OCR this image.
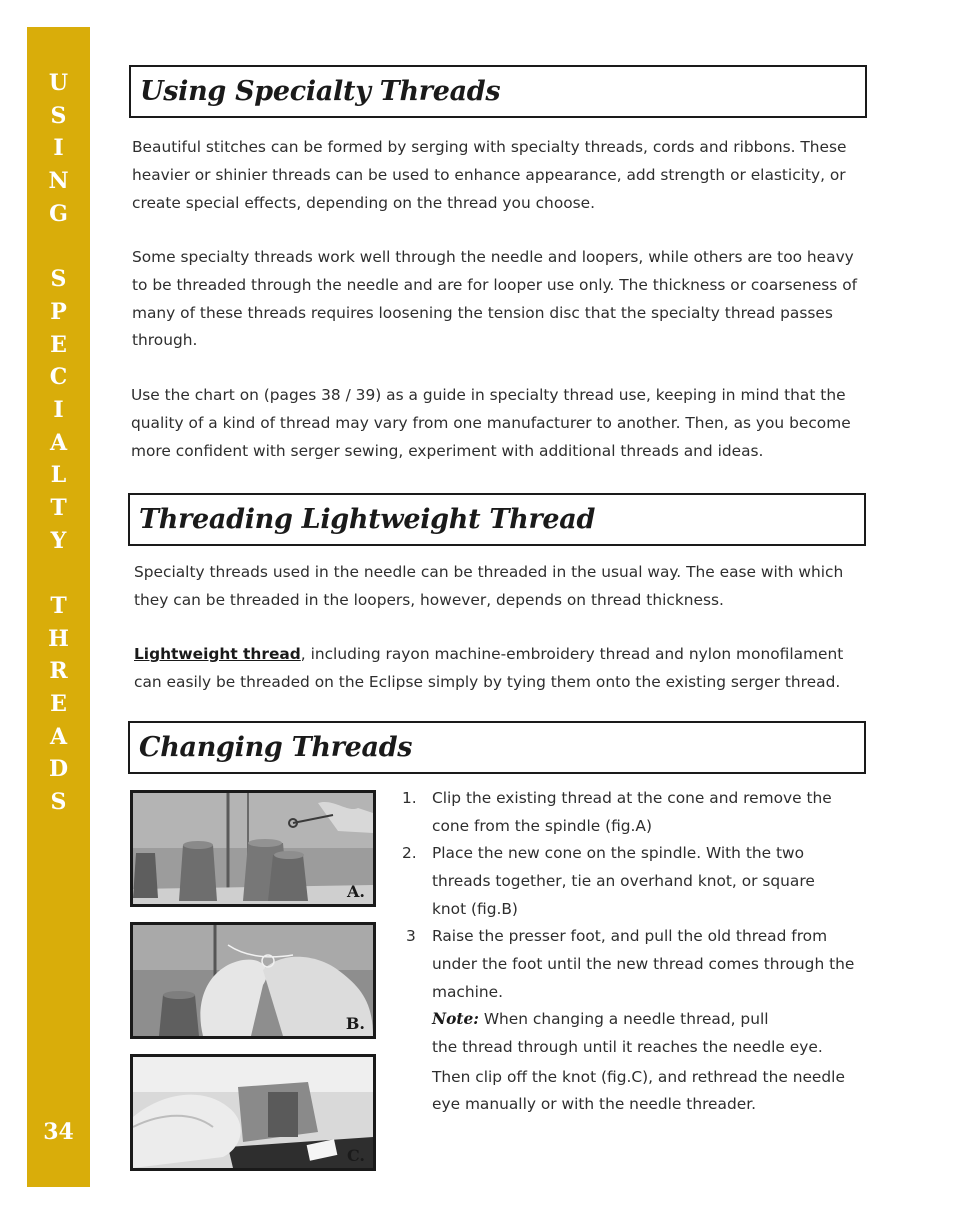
U
S
I
N
G

S
P
E
C
I
A
L
T
Y

T
H
R
E
A
D
S
34
Using Specialty Threads

Beautiful stitches can be formed by serging with specialty threads, cords and ribbons. These heavier or shinier threads can be used to enhance appearance, add strength or elasticity, or create special effects, depending on the thread you choose.

Some specialty threads work well through the needle and loopers, while others are too heavy to be threaded through the needle and are for looper use only. The thickness or coarseness of many of these threads requires loosening the tension disc that the specialty thread passes through.

Use the chart on (pages 38 / 39) as a guide in specialty thread use, keeping in mind that the quality of a kind of thread may vary from one manufacturer to another. Then, as you become more confident with serger sewing, experiment with additional threads and ideas.

Threading Lightweight Thread

Specialty threads used in the needle can be threaded in the usual way. The ease with which they can be threaded in the loopers, however, depends on thread thickness.

Lightweight thread, including rayon machine-embroidery thread and nylon monofilament can easily be threaded on the Eclipse simply by tying them onto the existing serger thread.

Changing Threads
A.
B.
C.
1. Clip the existing thread at the cone and remove the cone from the spindle (fig.A)
2. Place the new cone on the spindle. With the two threads together, tie an overhand knot, or square knot (fig.B)
3 Raise the presser foot, and pull the old thread from under the foot until the new thread comes through the machine.
Note: When changing a needle thread, pull
the thread through until it reaches the needle eye.
Then clip off the knot (fig.C), and rethread the needle eye manually or with the needle threader.
